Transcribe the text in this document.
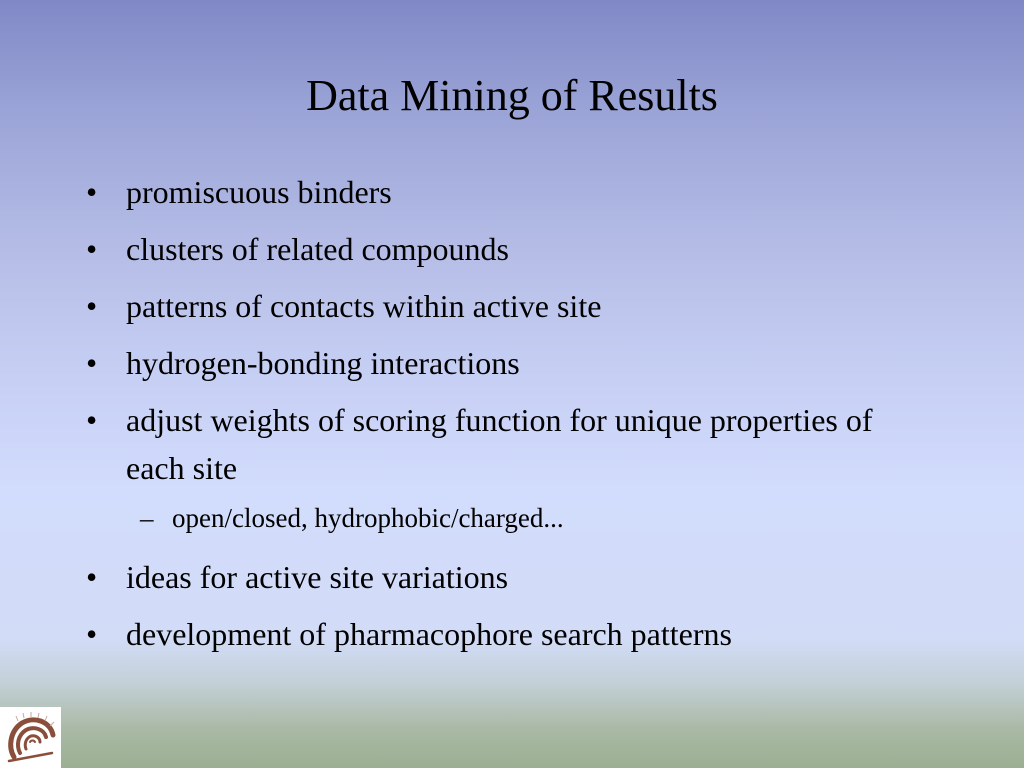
Data Mining of Results
• promiscuous binders
• clusters of related compounds
• patterns of contacts within active site
• hydrogen-bonding interactions
• adjust weights of scoring function for unique properties of each site
– open/closed, hydrophobic/charged...
• ideas for active site variations
• development of pharmacophore search patterns
